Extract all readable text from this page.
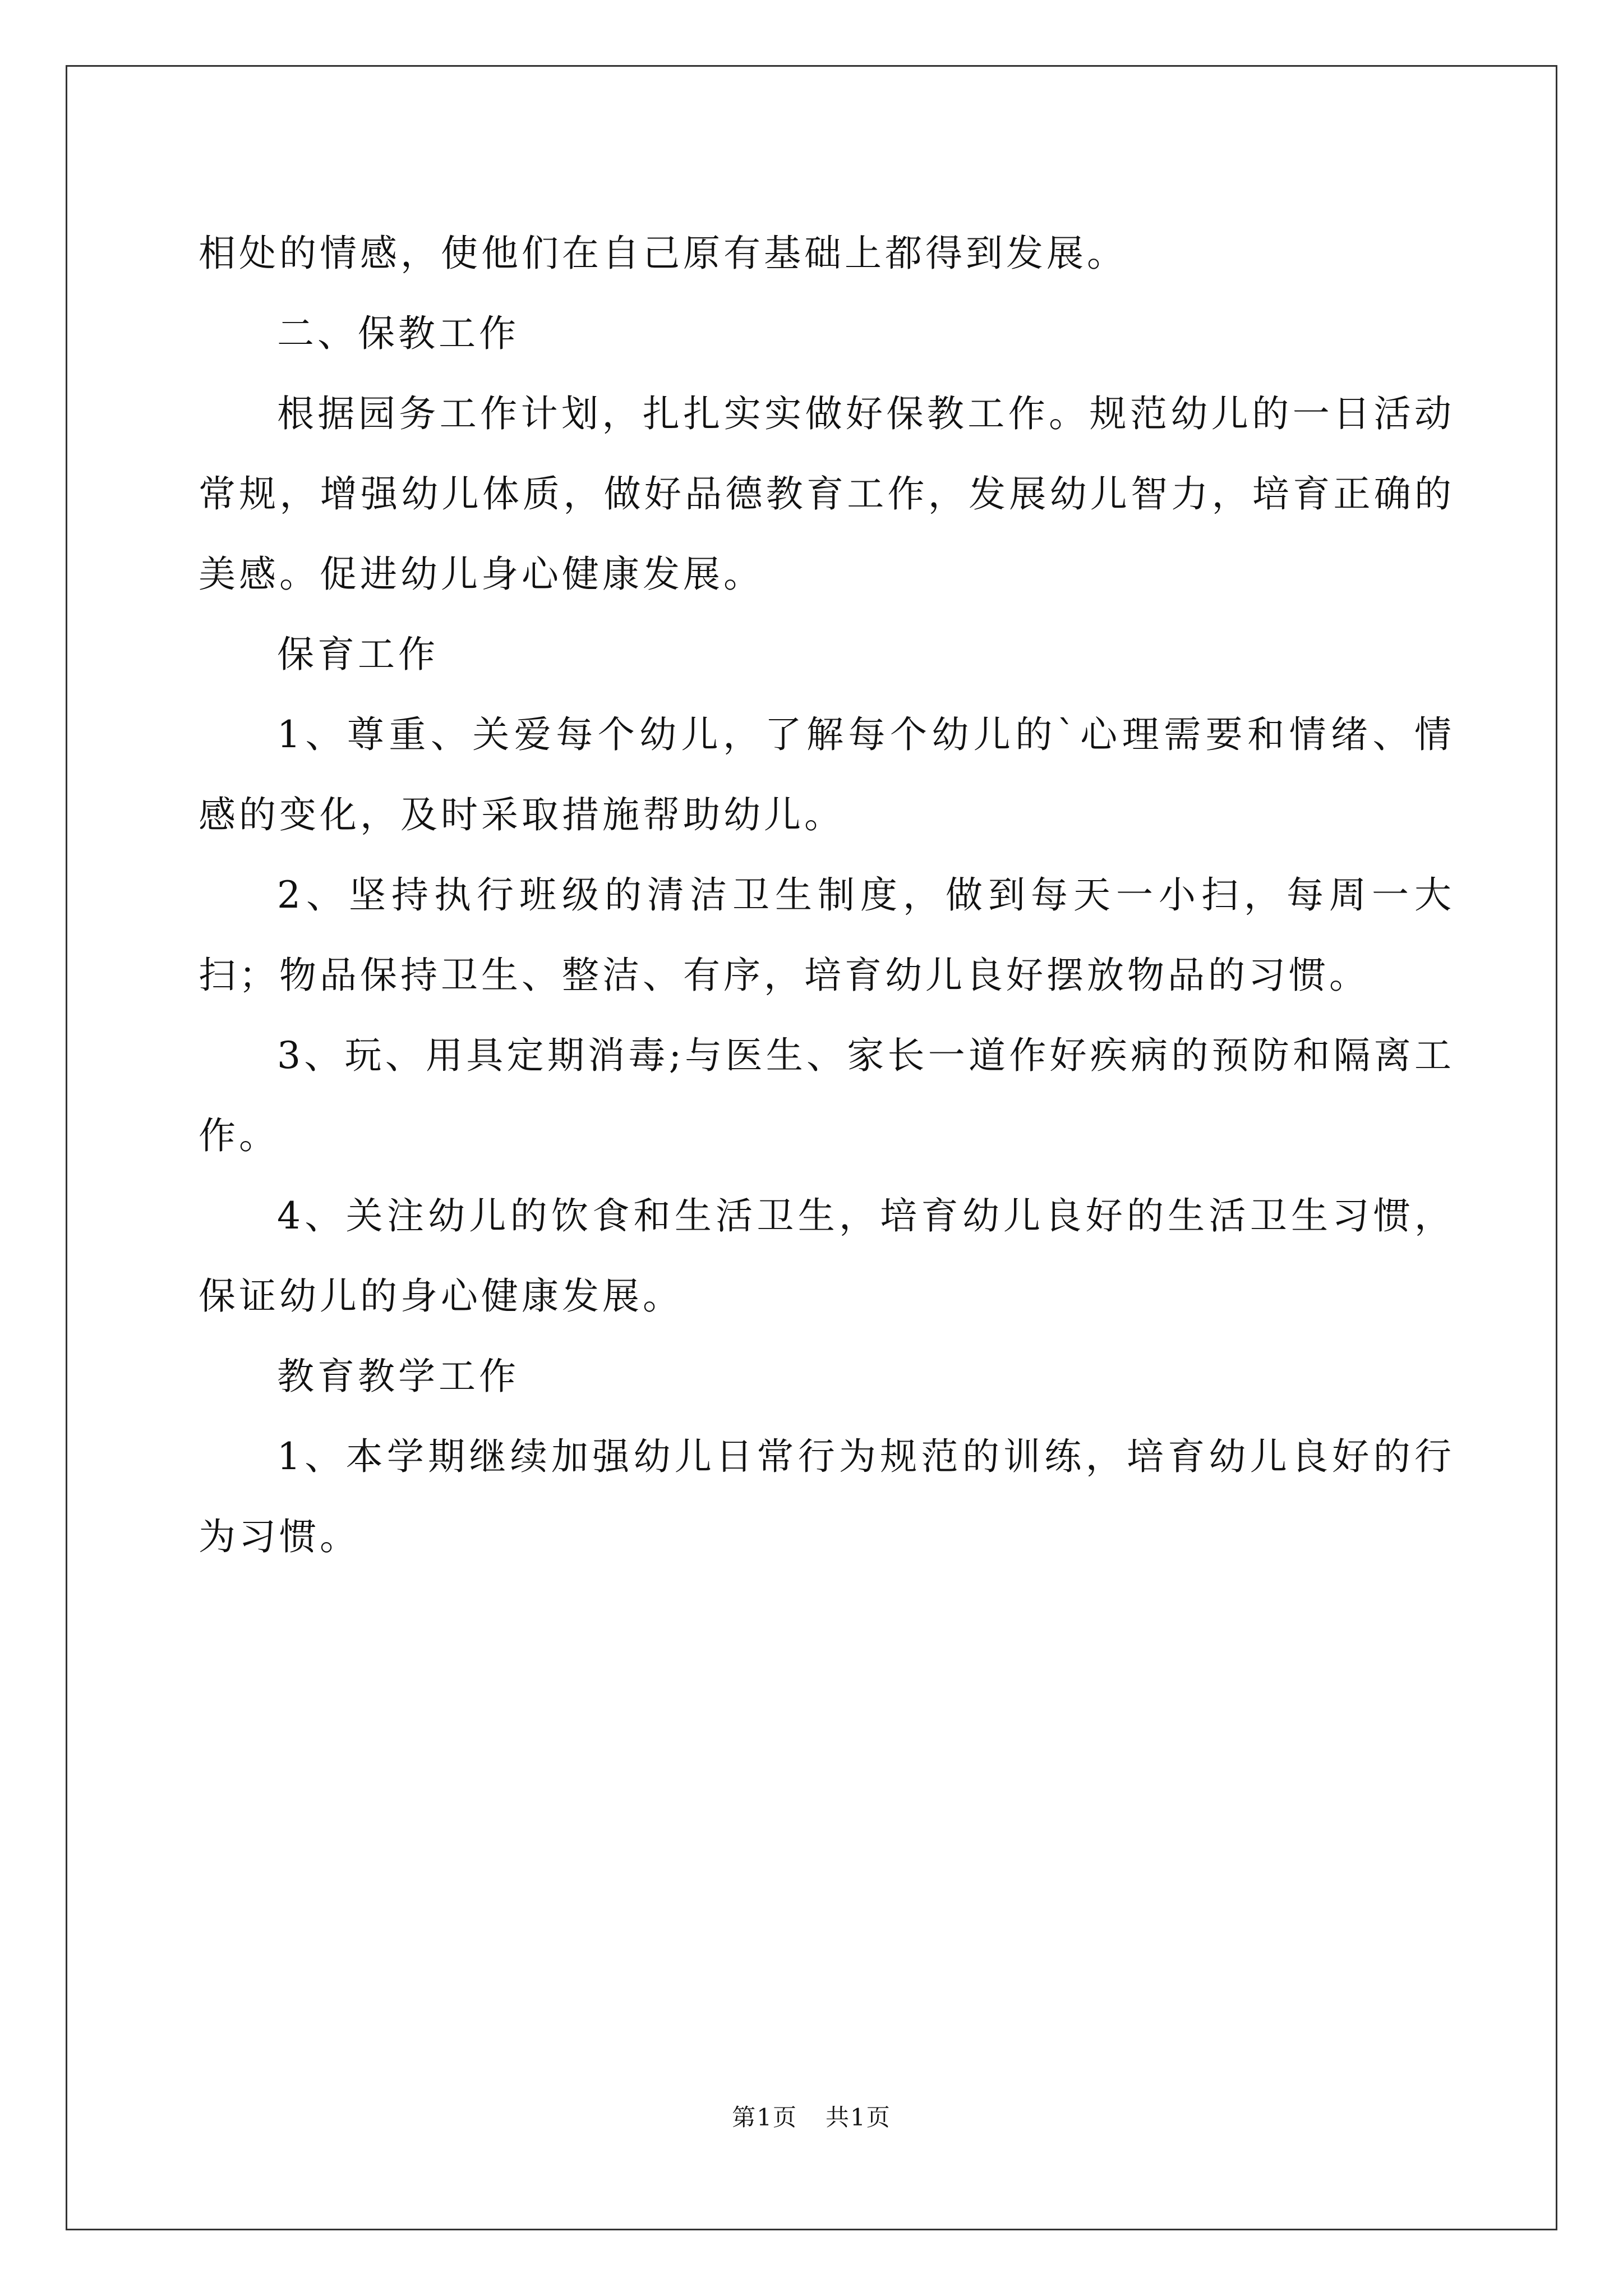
相处的情感，使他们在自己原有基础上都得到发展。

二、保教工作

根据园务工作计划，扎扎实实做好保教工作。规范幼儿的一日活动常规，增强幼儿体质，做好品德教育工作，发展幼儿智力，培育正确的美感。促进幼儿身心健康发展。

保育工作

1、尊重、关爱每个幼儿，了解每个幼儿的`心理需要和情绪、情感的变化，及时采取措施帮助幼儿。

2、坚持执行班级的清洁卫生制度，做到每天一小扫，每周一大扫；物品保持卫生、整洁、有序，培育幼儿良好摆放物品的习惯。

3、玩、用具定期消毒;与医生、家长一道作好疾病的预防和隔离工作。

4、关注幼儿的饮食和生活卫生，培育幼儿良好的生活卫生习惯，保证幼儿的身心健康发展。

教育教学工作

1、本学期继续加强幼儿日常行为规范的训练，培育幼儿良好的行为习惯。

第1页 共1页
